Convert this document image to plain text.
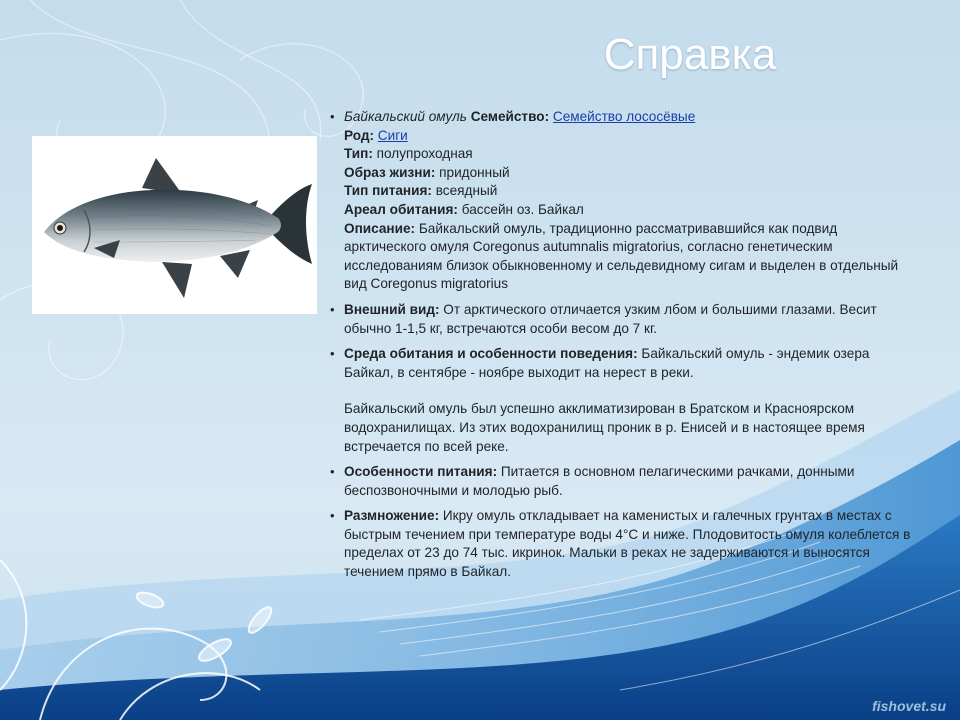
Справка
• Байкальский омуль Семейство: Семейство лососёвые
Род: Сиги
Тип: полупроходная
Образ жизни: придонный
Тип питания: всеядный
Ареал обитания: бассейн оз. Байкал
Описание: Байкальский омуль, традиционно рассматривавшийся как подвид арктического омуля Coregonus autumnalis migratorius, согласно генетическим исследованиям близок обыкновенному и сельдевидному сигам и выделен в отдельный вид Coregonus migratorius
• Внешний вид: От арктического отличается узким лбом и большими глазами. Весит обычно 1-1,5 кг, встречаются особи весом до 7 кг.
• Среда обитания и особенности поведения: Байкальский омуль - эндемик озера Байкал, в сентябре - ноябре выходит на нерест в реки.
Байкальский омуль был успешно акклиматизирован в Братском и Красноярском водохранилищах. Из этих водохранилищ проник в р. Енисей и в настоящее время встречается по всей реке.
• Особенности питания: Питается в основном пелагическими рачками, донными беспозвоночными и молодью рыб.
• Размножение: Икру омуль откладывает на каменистых и галечных грунтах в местах с быстрым течением при температуре воды 4°C и ниже. Плодовитость омуля колеблется в пределах от 23 до 74 тыс. икринок. Мальки в реках не задерживаются и выносятся течением прямо в Байкал.
fishovet.su
